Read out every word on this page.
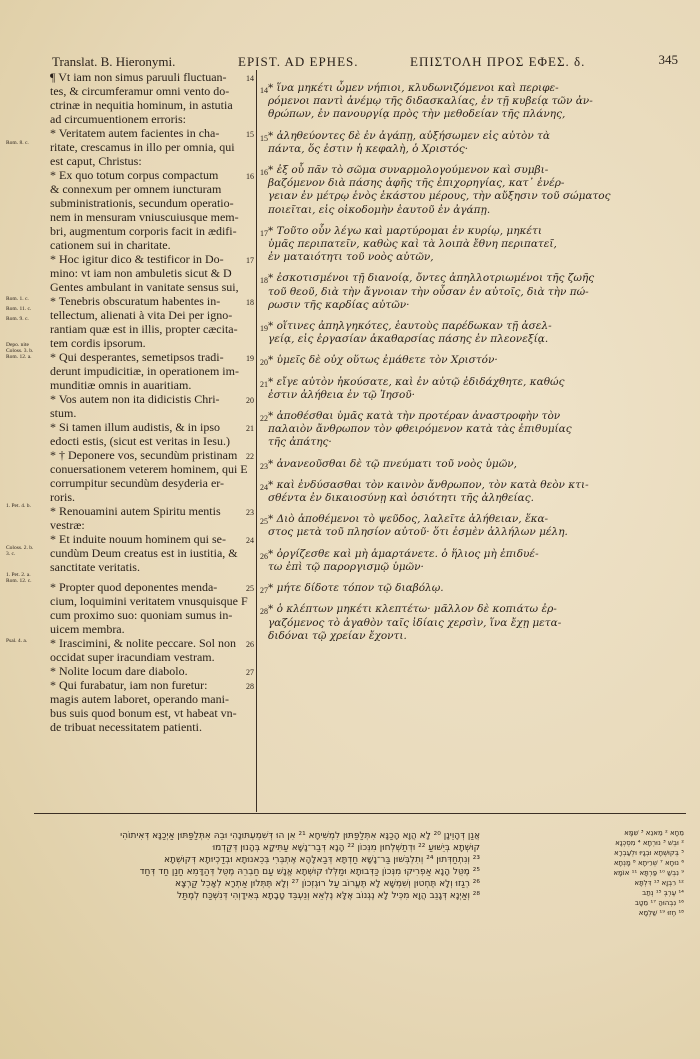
Translat. B. Hieronymi.	EPIST. AD EPHES.	ΕΠΙΣΤΟΛΗ ΠΡΟΣ ΕΦΕΣ. δ.	345
Rom. 8. c.
Rom. 1. c.
Rom. 11. c.
Rom. 9. c.
Depo. nite Coloss. 3. b. Rom. 12. a.
1. Pet. 4. b.
Coloss. 2. b. 3. c.
1. Pet. 2. a. Rom. 12. c.
Psal. 4. a.
14
¶ Vt iam non simus paruuli fluctuan-
tes, & circumferamur omni vento do-
ctrinæ in nequitia hominum, in astutia
ad circumuentionem erroris:
15
* Veritatem autem facientes in cha-
ritate, crescamus in illo per omnia, qui
est caput, Christus:
16
* Ex quo totum corpus compactum
& connexum per omnem iuncturam
subministrationis, secundum operatio-
nem in mensuram vniuscuiusque mem-
bri, augmentum corporis facit in ædifi-
cationem sui in charitate.
17
* Hoc igitur dico & testificor in Do-
mino: vt iam non ambuletis sicut & D
Gentes ambulant in vanitate sensus sui,
18
* Tenebris obscuratum habentes in-
tellectum, alienati à vita Dei per igno-
rantiam quæ est in illis, propter cæcita-
tem cordis ipsorum.
19
* Qui desperantes, semetipsos tradi-
derunt impudicitiæ, in operationem im-
munditiæ omnis in auaritiam.
20
* Vos autem non ita didicistis Chri-
stum.
21
* Si tamen illum audistis, & in ipso
edocti estis, (sicut est veritas in Iesu.)
22
* † Deponere vos, secundùm pristinam
conuersationem veterem hominem, qui E
corrumpitur secundùm desyderia er-
roris.
23
* Renouamini autem Spiritu mentis
vestræ:
24
* Et induite nouum hominem qui se-
cundùm Deum creatus est in iustitia, &
sanctitate veritatis.
25
* Propter quod deponentes menda-
cium, loquimini veritatem vnusquisque F
cum proximo suo: quoniam sumus in-
uicem membra.
26
* Irascimini, & nolite peccare. Sol non
occidat super iracundiam vestram.
27
* Nolite locum dare diabolo.
28
* Qui furabatur, iam non furetur:
magis autem laboret, operando mani-
bus suis quod bonum est, vt habeat vn-
de tribuat necessitatem patienti.
14 * ἵνα μηκέτι ὦμεν νήπιοι, κλυδωνιζόμενοι καὶ περιφε-
ρόμενοι παντὶ ἀνέμῳ τῆς διδασκαλίας, ἐν τῇ κυβείᾳ τῶν ἀν-
θρώπων, ἐν πανουργίᾳ πρὸς τὴν μεθοδείαν τῆς πλάνης,
15 * ἀληθεύοντες δὲ ἐν ἀγάπῃ, αὐξήσωμεν εἰς αὐτὸν τὰ
πάντα, ὅς ἐστιν ἡ κεφαλὴ, ὁ Χριστός·
16 * ἐξ οὗ πᾶν τὸ σῶμα συναρμολογούμενον καὶ συμβι-
βαζόμενον διὰ πάσης ἁφῆς τῆς ἐπιχορηγίας, κατ᾽ ἐνέρ-
γειαν ἐν μέτρῳ ἑνὸς ἑκάστου μέρους, τὴν αὔξησιν τοῦ σώματος
ποιεῖται, εἰς οἰκοδομὴν ἑαυτοῦ ἐν ἀγάπῃ.
17 * Τοῦτο οὖν λέγω καὶ μαρτύρομαι ἐν κυρίῳ, μηκέτι
ὑμᾶς περιπατεῖν, καθὼς καὶ τὰ λοιπὰ ἔθνη περιπατεῖ,
ἐν ματαιότητι τοῦ νοὸς αὐτῶν,
18 * ἐσκοτισμένοι τῇ διανοίᾳ, ὄντες ἀπηλλοτριωμένοι τῆς ζωῆς
τοῦ θεοῦ, διὰ τὴν ἄγνοιαν τὴν οὖσαν ἐν αὐτοῖς, διὰ τὴν πώ-
ρωσιν τῆς καρδίας αὐτῶν·
19 * οἵτινες ἀπηλγηκότες, ἑαυτοὺς παρέδωκαν τῇ ἀσελ-
γείᾳ, εἰς ἐργασίαν ἀκαθαρσίας πάσης ἐν πλεονεξίᾳ.
20 * ὑμεῖς δὲ οὐχ οὕτως ἐμάθετε τὸν Χριστόν·
21 * εἴγε αὐτὸν ἠκούσατε, καὶ ἐν αὐτῷ ἐδιδάχθητε, καθώς
ἐστιν ἀλήθεια ἐν τῷ Ἰησοῦ·
22 * ἀποθέσθαι ὑμᾶς κατὰ τὴν προτέραν ἀναστροφὴν τὸν
παλαιὸν ἄνθρωπον τὸν φθειρόμενον κατὰ τὰς ἐπιθυμίας
τῆς ἀπάτης·
23 * ἀνανεοῦσθαι δὲ τῷ πνεύματι τοῦ νοὸς ὑμῶν,
24 * καὶ ἐνδύσασθαι τὸν καινὸν ἄνθρωπον, τὸν κατὰ θεὸν κτι-
σθέντα ἐν δικαιοσύνῃ καὶ ὁσιότητι τῆς ἀληθείας.
25 * Διὸ ἀποθέμενοι τὸ ψεῦδος, λαλεῖτε ἀλήθειαν, ἕκα-
στος μετὰ τοῦ πλησίον αὐτοῦ· ὅτι ἐσμὲν ἀλλήλων μέλη.
26 * ὀργίζεσθε καὶ μὴ ἁμαρτάνετε. ὁ ἥλιος μὴ ἐπιδυέ-
τω ἐπὶ τῷ παροργισμῷ ὑμῶν·
27 * μήτε δίδοτε τόπον τῷ διαβόλῳ.
28 * ὁ κλέπτων μηκέτι κλεπτέτω· μᾶλλον δὲ κοπιάτω ἐρ-
γαζόμενος τὸ ἀγαθὸν ταῖς ἰδίαις χερσὶν, ἵνα ἔχῃ μετα-
διδόναι τῷ χρείαν ἔχοντι.
אֲנַן דְּהָוֵינָן ²⁰ לָא הֲוָא הָכַנָּא אִתְּלַפַּתּוּן לִמְשִׁיחָא ²¹ אִן הוּ דְּשִׁמְעְתּוּנָהִי וּבֵהּ אִתְּלַפַּתּוּן אַיְכַנָּא דְּאִיתוֹהִי
קוּשְׁתָא בְּיֵשׁוּעַ ²² וּדְתַשְׁלְחוּן מִנְּכוֹן ²² הָנָא דְּבַר־נָשָׁא עַתִּיקָא בְּהָנוּן דְּקַדְמוּ
²³ וְנִתְחַדְּתוּן ²⁴ וְתִלְבְּשׁוּן בַּר־נָשָׁא חַדְתָּא דְּבַאלָהָא אֶתְבְּרִי בְּכֵאנוּתָא וּבְדַכְיוּתָא דְּקוּשְׁתָא
²⁵ מֶטֻּל הָנָא אַפְרִיקוּ מִנְּכוֹן כַּדְּבוּתָא וּמַלְּלוּ קוּשְׁתָא אֱנָשׁ עַם חַבְרֵהּ מֶטֻּל דְּהַדָּמֵא חַנַן חַד דְּחַד
²⁶ רְגַזוּ וְלָא תֶּחְטוּן וְשִׁמְשָׁא לָא תֶּעֱרוֹב עַל רוּגְזְכוֹן ²⁷ וְלָא תֶּתְּלוּן אַתְרָא לְאָכֵל קַרְצָא
²⁸ וְאַיְנָא דְּגָנֵב הֲוָא מִכְּיל לָא נֶגְנוֹב אֶלָּא נֶלְאֵא וְנֵעְבֵּד טָבָתָא בְּאִידָוְהִי דְּנִשְׁכַּח לְמֶתַּל
מֵחָא ² מֵאנֵא ³ שִׁמָּא
² וּבְשׁ ³ נוּרְתָא ⁴ מִסְכְּנָא
⁵ בְּקוּשְׁתָא וּבְגָיוּ וּלְעַבְרָא
⁶ נוּחָא ⁷ שְׁרֵיתָא ⁸ מָנְתָא
⁹ נִבְשַׁ ¹⁰ פַּרְתָּא ¹¹ אוֹמָא
¹² רִבְוָא ¹³ דִּלְתָּא
¹⁴ עֶרְבְּ ¹⁵ נְתַב
¹⁶ נִבְהוּהַ ¹⁷ מֵטָב
¹⁸ חֶזוּ ¹⁹ שַׁלְמָא
